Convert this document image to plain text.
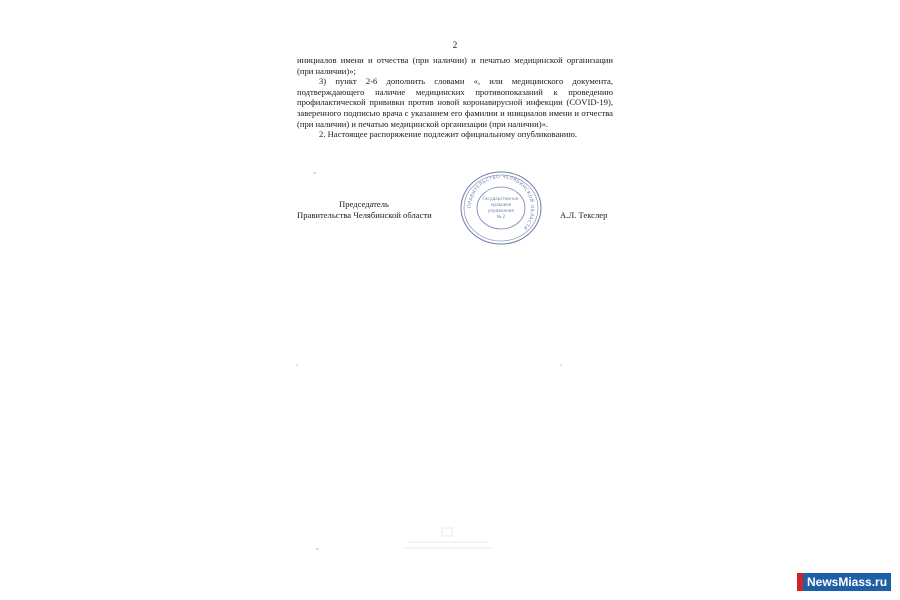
2

инициалов имени и отчества (при наличии) и печатью медицинской организации (при наличии)»;

3) пункт 2-6 дополнить словами «, или медицинского документа, подтверждающего наличие медицинских противопоказаний к проведению профилактической прививки против новой коронавирусной инфекции (COVID-19), заверенного подписью врача с указанием его фамилии и инициалов имени и отчества (при наличии) и печатью медицинской организации (при наличии)».

2. Настоящее распоряжение подлежит официальному опубликованию.

Председатель
Правительства Челябинской области
ПРАВИТЕЛЬСТВО ЧЕЛЯБИНСКОЙ ОБЛАСТИ
Государственно-
правовое
управление
№ 2	А.Л. Текслер
NewsMiass.ru
